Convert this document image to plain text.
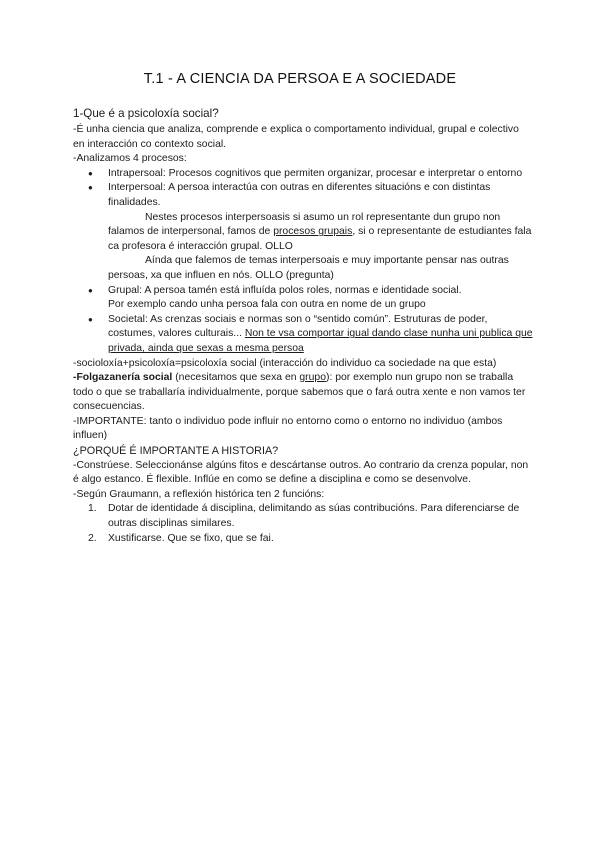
T.1 - A CIENCIA DA PERSOA E A SOCIEDADE

1-Que é a psicoloxía social?

-É unha ciencia que analiza, comprende e explica o comportamento individual, grupal e colectivo en interacción co contexto social.

-Analizamos 4 procesos:

● Intrapersoal: Procesos cognitivos que permiten organizar, procesar e interpretar o entorno
● Interpersoal: A persoa interactúa con outras en diferentes situacións e con distintas finalidades.

Nestes procesos interpersoasis si asumo un rol representante dun grupo non falamos de interpersonal, famos de procesos grupais, si o representante de estudiantes fala ca profesora é interacción grupal. OLLO

Aínda que falemos de temas interpersoais e muy importante pensar nas outras persoas, xa que influen en nós. OLLO (pregunta)

● Grupal: A persoa tamén está influída polos roles, normas e identidade social.

Por exemplo cando unha persoa fala con outra en nome de un grupo

● Societal: As crenzas sociais e normas son o “sentido común”. Estruturas de poder, costumes, valores culturais... Non te vsa comportar igual dando clase nunha uni publica que privada, ainda que sexas a mesma persoa

-socioloxía+psicoloxía=psicoloxía social (interacción do individuo ca sociedade na que esta)

-Folgazanería social (necesitamos que sexa en grupo): por exemplo nun grupo non se traballa todo o que se traballaría individualmente, porque sabemos que o fará outra xente e non vamos ter consecuencias.

-IMPORTANTE: tanto o individuo pode influir no entorno como o entorno no individuo (ambos influen)

¿PORQUÉ É IMPORTANTE A HISTORIA?

-Constrúese. Seleccionánse algúns fitos e descártanse outros. Ao contrario da crenza popular, non é algo estanco. É flexible. Inflúe en como se define a disciplina e como se desenvolve.

-Según Graumann, a reflexión histórica ten 2 funcións:

1. Dotar de identidade á disciplina, delimitando as súas contribucións. Para diferenciarse de outras disciplinas similares.
2. Xustificarse. Que se fixo, que se fai.
